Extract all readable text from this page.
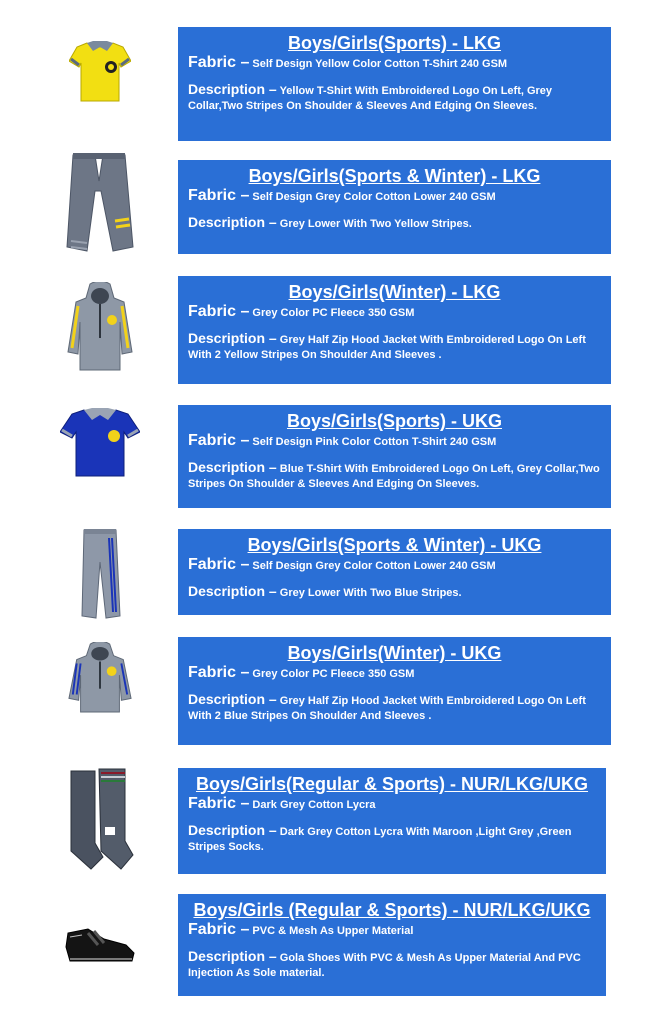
Boys/Girls(Sports) - LKG
Fabric – Self Design Yellow Color Cotton T-Shirt 240 GSM
Description – Yellow T-Shirt With Embroidered Logo On Left, Grey Collar,Two Stripes On Shoulder & Sleeves And Edging On Sleeves.
Boys/Girls(Sports & Winter) - LKG
Fabric – Self Design Grey Color Cotton Lower 240 GSM
Description – Grey Lower With Two Yellow Stripes.
Boys/Girls(Winter) - LKG
Fabric – Grey Color PC Fleece 350 GSM
Description – Grey Half Zip Hood Jacket With Embroidered Logo On Left With 2 Yellow Stripes On Shoulder And Sleeves .
Boys/Girls(Sports) - UKG
Fabric – Self Design Pink Color Cotton T-Shirt 240 GSM
Description – Blue T-Shirt With Embroidered Logo On Left, Grey Collar,Two Stripes On Shoulder & Sleeves And Edging On Sleeves.
Boys/Girls(Sports & Winter) - UKG
Fabric – Self Design Grey Color Cotton Lower 240 GSM
Description – Grey Lower With Two Blue Stripes.
Boys/Girls(Winter) - UKG
Fabric – Grey Color PC Fleece 350 GSM
Description – Grey Half Zip Hood Jacket With Embroidered Logo On Left With 2 Blue Stripes On Shoulder And Sleeves .
Boys/Girls(Regular & Sports) - NUR/LKG/UKG
Fabric – Dark Grey Cotton Lycra
Description – Dark Grey Cotton Lycra With Maroon ,Light Grey ,Green Stripes Socks.
Boys/Girls (Regular & Sports) - NUR/LKG/UKG
Fabric – PVC & Mesh As Upper Material
Description – Gola Shoes With PVC & Mesh As Upper Material And PVC Injection As Sole material.
